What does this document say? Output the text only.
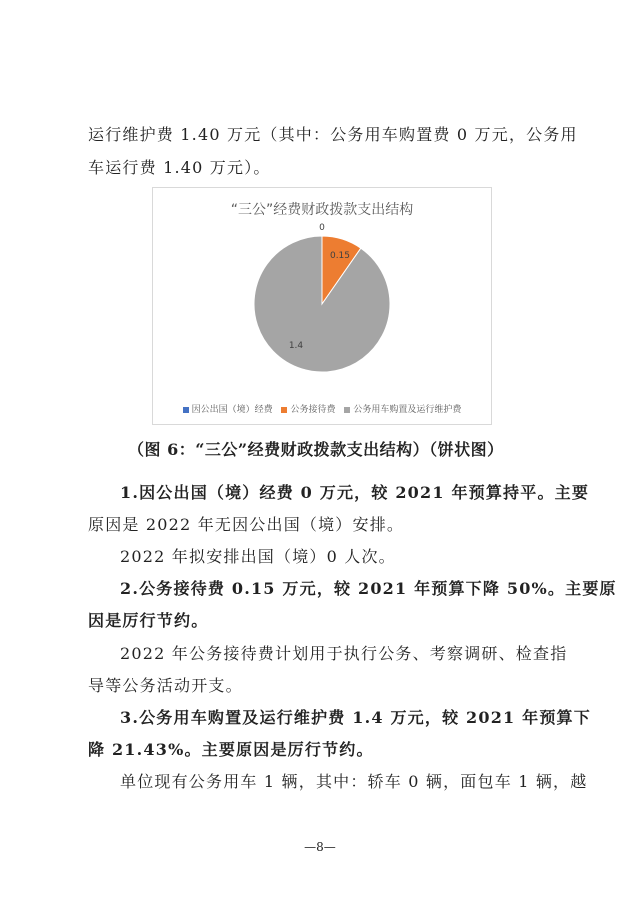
运行维护费 1.40 万元（其中：公务用车购置费 0 万元，公务用
车运行费 1.40 万元）。
“三公”经费财政拨款支出结构
0
0.15
1.4
因公出国（境）经费 公务接待费 公务用车购置及运行维护费
（图 6：“三公”经费财政拨款支出结构）（饼状图）
1.因公出国（境）经费 0 万元，较 2021 年预算持平。主要
原因是 2022 年无因公出国（境）安排。
2022 年拟安排出国（境）0 人次。
2.公务接待费 0.15 万元，较 2021 年预算下降 50%。主要原
因是厉行节约。
2022 年公务接待费计划用于执行公务、考察调研、检查指
导等公务活动开支。
3.公务用车购置及运行维护费 1.4 万元，较 2021 年预算下
降 21.43%。主要原因是厉行节约。
单位现有公务用车 1 辆，其中：轿车 0 辆，面包车 1 辆，越
—8—
